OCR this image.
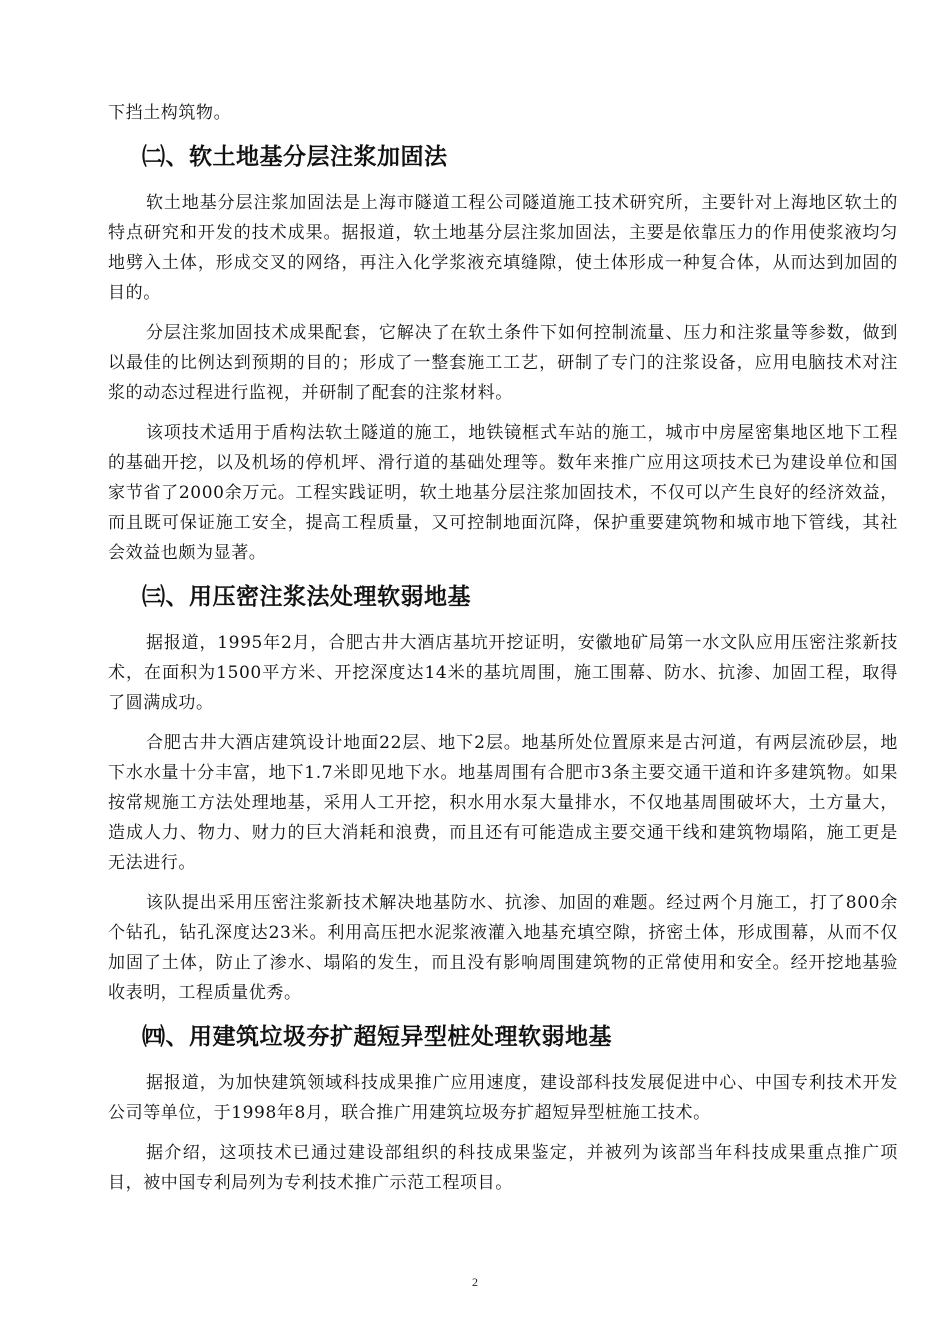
下挡土构筑物。

㈡、软土地基分层注浆加固法

软土地基分层注浆加固法是上海市隧道工程公司隧道施工技术研究所，主要针对上海地区软土的特点研究和开发的技术成果。据报道，软土地基分层注浆加固法，主要是依靠压力的作用使浆液均匀地劈入土体，形成交叉的网络，再注入化学浆液充填缝隙，使土体形成一种复合体，从而达到加固的目的。

分层注浆加固技术成果配套，它解决了在软土条件下如何控制流量、压力和注浆量等参数，做到以最佳的比例达到预期的目的；形成了一整套施工工艺，研制了专门的注浆设备，应用电脑技术对注浆的动态过程进行监视，并研制了配套的注浆材料。

该项技术适用于盾构法软土隧道的施工，地铁镜框式车站的施工，城市中房屋密集地区地下工程的基础开挖，以及机场的停机坪、滑行道的基础处理等。数年来推广应用这项技术已为建设单位和国家节省了2000余万元。工程实践证明，软土地基分层注浆加固技术，不仅可以产生良好的经济效益，而且既可保证施工安全，提高工程质量，又可控制地面沉降，保护重要建筑物和城市地下管线，其社会效益也颇为显著。

㈢、用压密注浆法处理软弱地基

据报道，1995年2月，合肥古井大酒店基坑开挖证明，安徽地矿局第一水文队应用压密注浆新技术，在面积为1500平方米、开挖深度达14米的基坑周围，施工围幕、防水、抗渗、加固工程，取得了圆满成功。

合肥古井大酒店建筑设计地面22层、地下2层。地基所处位置原来是古河道，有两层流砂层，地下水水量十分丰富，地下1.7米即见地下水。地基周围有合肥市3条主要交通干道和许多建筑物。如果按常规施工方法处理地基，采用人工开挖，积水用水泵大量排水，不仅地基周围破坏大，土方量大，造成人力、物力、财力的巨大消耗和浪费，而且还有可能造成主要交通干线和建筑物塌陷，施工更是无法进行。

该队提出采用压密注浆新技术解决地基防水、抗渗、加固的难题。经过两个月施工，打了800余个钻孔，钻孔深度达23米。利用高压把水泥浆液灌入地基充填空隙，挤密土体，形成围幕，从而不仅加固了土体，防止了渗水、塌陷的发生，而且没有影响周围建筑物的正常使用和安全。经开挖地基验收表明，工程质量优秀。

㈣、用建筑垃圾夯扩超短异型桩处理软弱地基

据报道，为加快建筑领域科技成果推广应用速度，建设部科技发展促进中心、中国专利技术开发公司等单位，于1998年8月，联合推广用建筑垃圾夯扩超短异型桩施工技术。

据介绍，这项技术已通过建设部组织的科技成果鉴定，并被列为该部当年科技成果重点推广项目，被中国专利局列为专利技术推广示范工程项目。

2
